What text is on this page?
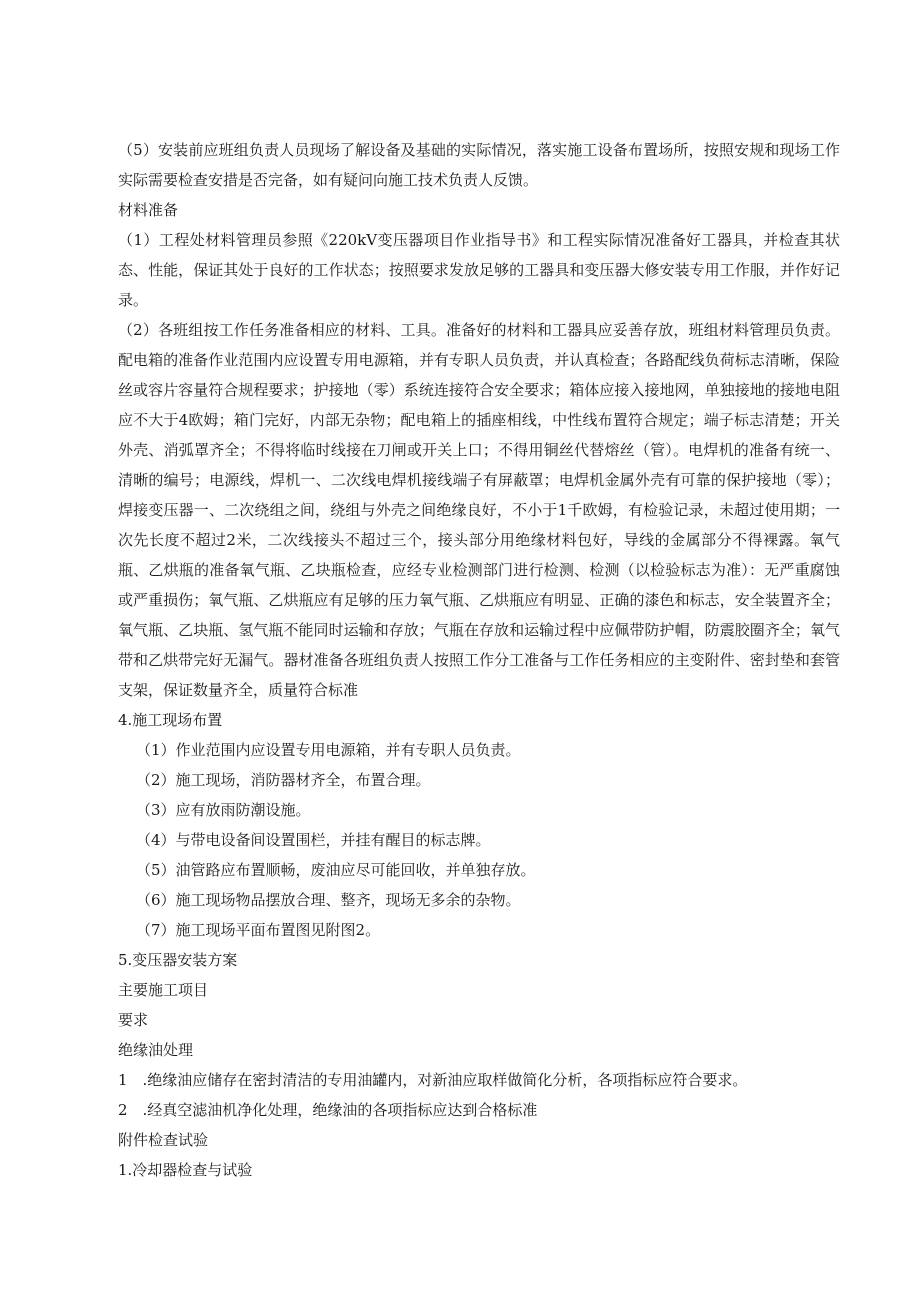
（5）安装前应班组负责人员现场了解设备及基础的实际情况，落实施工设备布置场所，按照安规和现场工作实际需要检查安措是否完备，如有疑问向施工技术负责人反馈。

材料准备

（1）工程处材料管理员参照《220kV变压器项目作业指导书》和工程实际情况准备好工器具，并检查其状态、性能，保证其处于良好的工作状态；按照要求发放足够的工器具和变压器大修安装专用工作服，并作好记录。

（2）各班组按工作任务准备相应的材料、工具。准备好的材料和工器具应妥善存放，班组材料管理员负责。配电箱的准备作业范围内应设置专用电源箱，并有专职人员负责，并认真检查；各路配线负荷标志清晰，保险丝或容片容量符合规程要求；护接地（零）系统连接符合安全要求；箱体应接入接地网，单独接地的接地电阻应不大于4欧姆；箱门完好，内部无杂物；配电箱上的插座相线，中性线布置符合规定；端子标志清楚；开关外壳、消弧罩齐全；不得将临时线接在刀闸或开关上口；不得用铜丝代替熔丝（管）。电焊机的准备有统一、清晰的编号；电源线，焊机一、二次线电焊机接线端子有屏蔽罩；电焊机金属外壳有可靠的保护接地（零）；焊接变压器一、二次绕组之间，绕组与外壳之间绝缘良好，不小于1千欧姆，有检验记录，未超过使用期；一次先长度不超过2米，二次线接头不超过三个，接头部分用绝缘材料包好，导线的金属部分不得裸露。氧气瓶、乙烘瓶的准备氧气瓶、乙块瓶检查，应经专业检测部门进行检测、检测（以检验标志为准）：无严重腐蚀或严重损伤；氧气瓶、乙烘瓶应有足够的压力氧气瓶、乙烘瓶应有明显、正确的漆色和标志，安全装置齐全；氧气瓶、乙块瓶、氢气瓶不能同时运输和存放；气瓶在存放和运输过程中应佩带防护帽，防震胶圈齐全；氧气带和乙烘带完好无漏气。器材准备各班组负责人按照工作分工准备与工作任务相应的主变附件、密封垫和套管支架，保证数量齐全，质量符合标准

4.施工现场布置

（1）作业范围内应设置专用电源箱，并有专职人员负责。

（2）施工现场，消防器材齐全，布置合理。

（3）应有放雨防潮设施。

（4）与带电设备间设置围栏，并挂有醒目的标志牌。

（5）油管路应布置顺畅，废油应尽可能回收，并单独存放。

（6）施工现场物品摆放合理、整齐，现场无多余的杂物。

（7）施工现场平面布置图见附图2。

5.变压器安装方案

主要施工项目

要求

绝缘油处理

1　.绝缘油应储存在密封清洁的专用油罐内，对新油应取样做简化分析，各项指标应符合要求。

2　.经真空滤油机净化处理，绝缘油的各项指标应达到合格标准

附件检查试验

1.冷却器检查与试验
